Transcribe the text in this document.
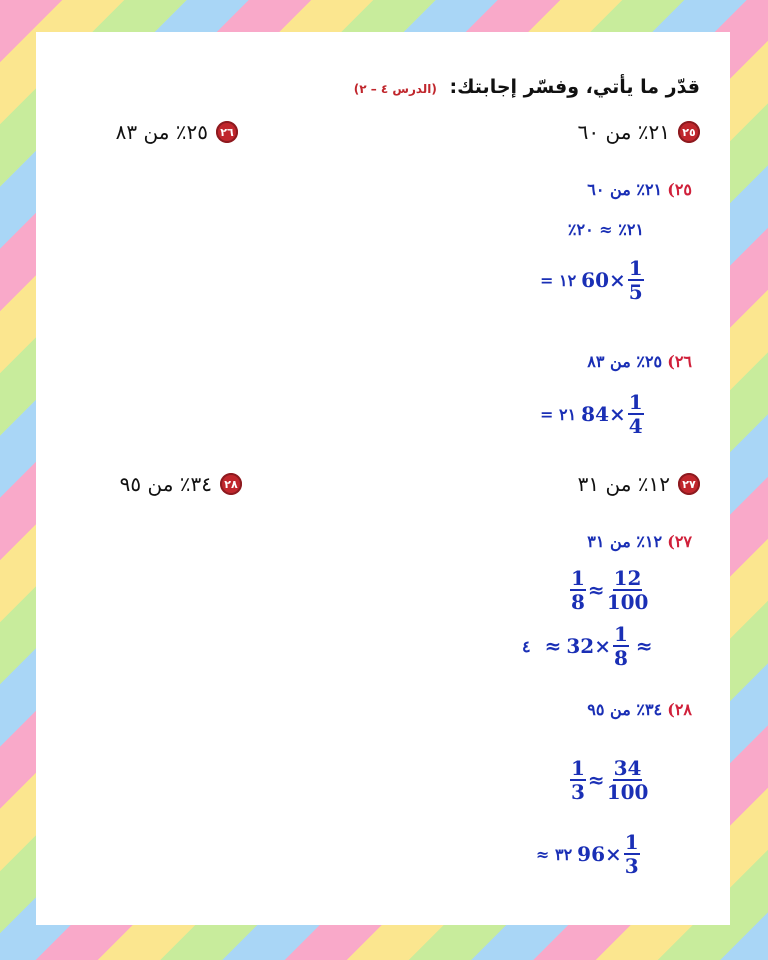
قدّر ما يأتي، وفسّر إجابتك: (الدرس ٤ – ٢)
٢٥
٢١٪ من ٦٠
٢٦
٢٥٪ من ٨٣
٢٥) ٢١٪ من ٦٠
٢١٪ ≈ ٢٠٪
١٢ = $60\times \frac{1}{5}$
٢٦) ٢٥٪ من ٨٣
٢١ = $84\times \frac{1}{4}$
٢٧
١٢٪ من ٣١
٢٨
٣٤٪ من ٩٥
٢٧) ١٢٪ من ٣١
$\frac{1}{8} \approx \frac{12}{100}$
٤ ≈ $32\times \frac{1}{8}$ ≈
٢٨) ٣٤٪ من ٩٥
$\frac{1}{3} \approx \frac{34}{100}$
٣٢ ≈ $96\times \frac{1}{3}$
